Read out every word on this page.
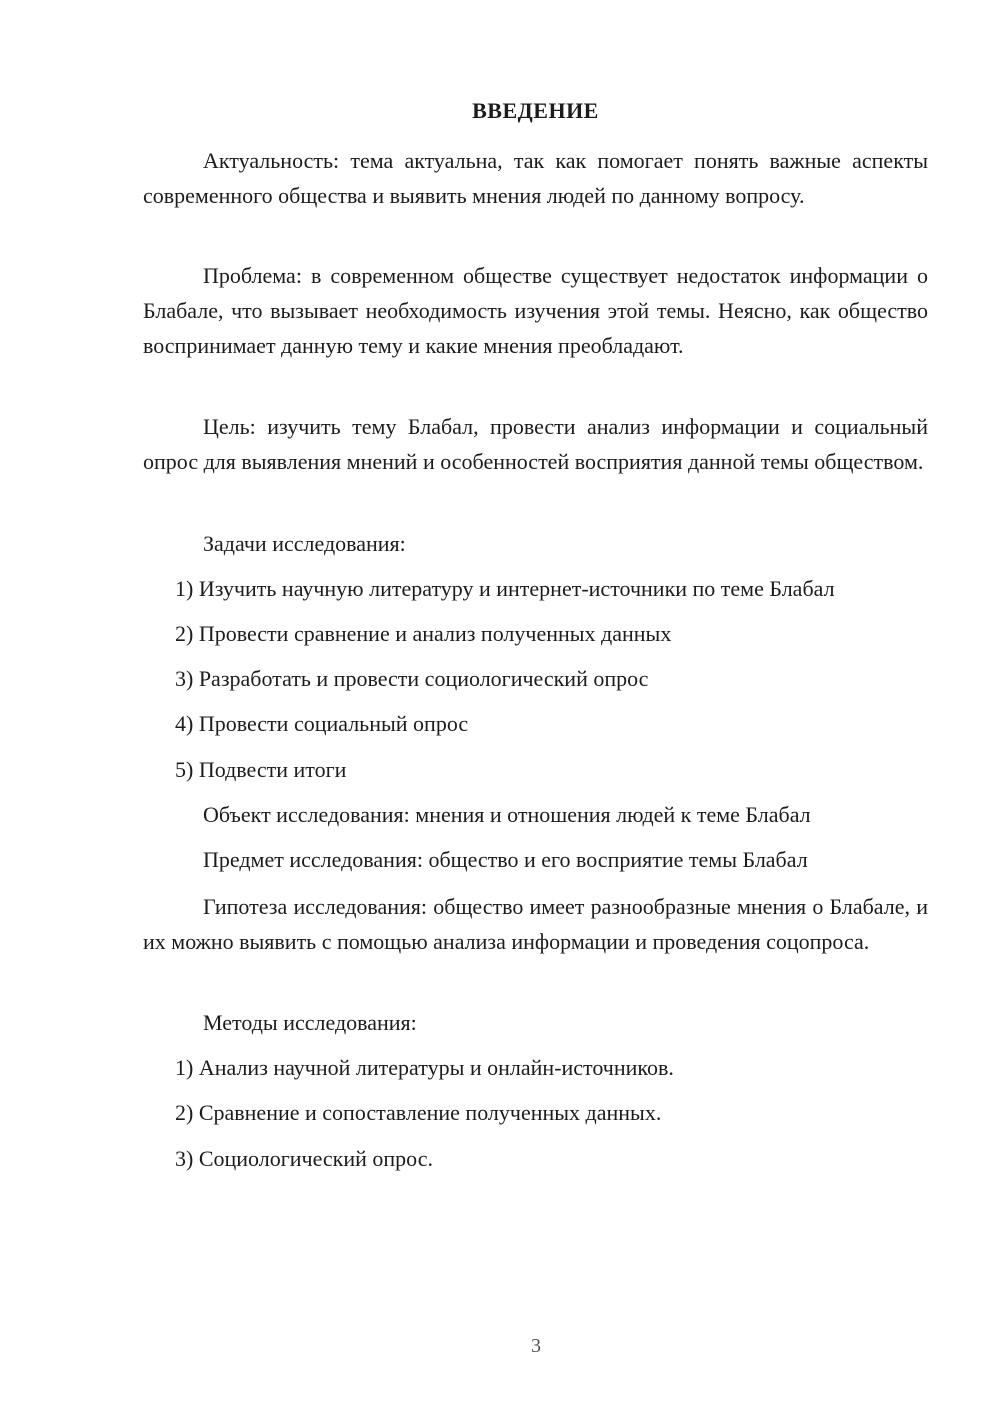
ВВЕДЕНИЕ

Актуальность: тема актуальна, так как помогает понять важные аспекты современного общества и выявить мнения людей по данному вопросу.

Проблема: в современном обществе существует недостаток информации о Блабале, что вызывает необходимость изучения этой темы. Неясно, как общество воспринимает данную тему и какие мнения преобладают.

Цель: изучить тему Блабал, провести анализ информации и социальный опрос для выявления мнений и особенностей восприятия данной темы обществом.

Задачи исследования:
1) Изучить научную литературу и интернет-источники по теме Блабал
2) Провести сравнение и анализ полученных данных
3) Разработать и провести социологический опрос
4) Провести социальный опрос
5) Подвести итоги
Объект исследования: мнения и отношения людей к теме Блабал
Предмет исследования: общество и его восприятие темы Блабал

Гипотеза исследования: общество имеет разнообразные мнения о Блабале, и их можно выявить с помощью анализа информации и проведения соцопроса.

Методы исследования:
1) Анализ научной литературы и онлайн-источников.
2) Сравнение и сопоставление полученных данных.
3) Социологический опрос.
3
